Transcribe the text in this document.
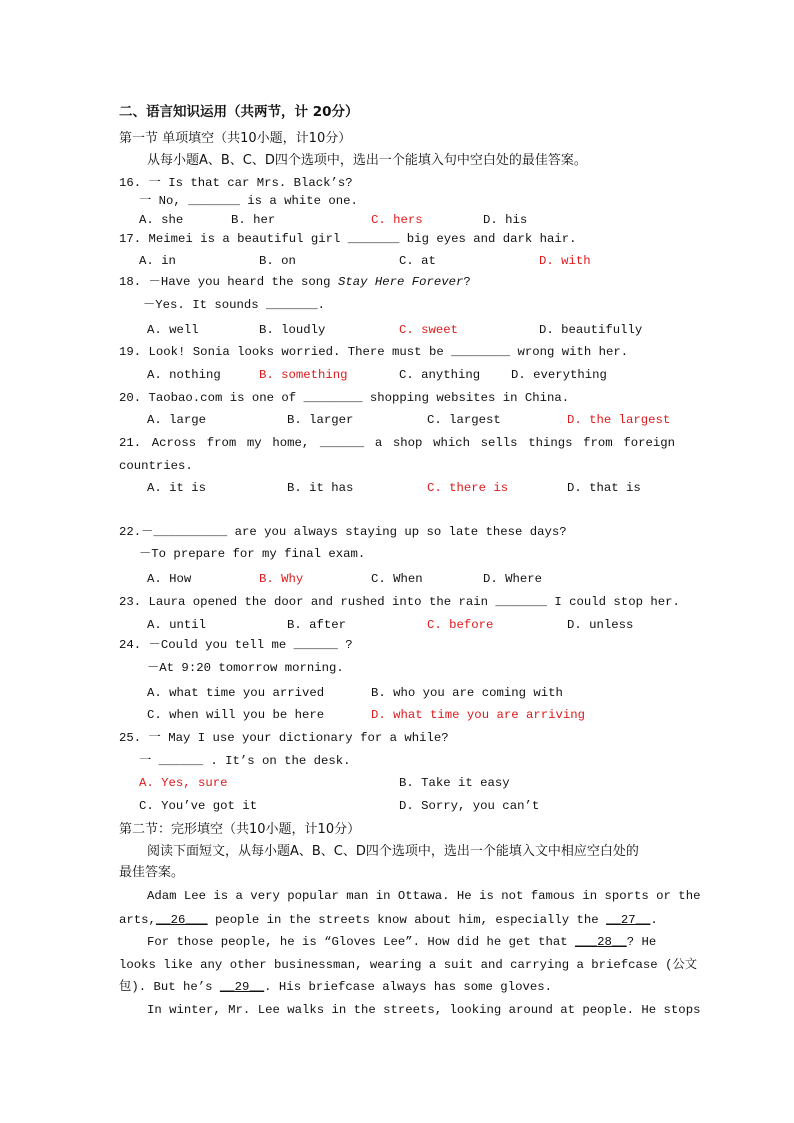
二、语言知识运用（共两节，计 20分）
第一节 单项填空（共10小题，计10分）
从每小题A、B、C、D四个选项中，选出一个能填入句中空白处的最佳答案。
16. 一 Is that car Mrs. Black’s?
一 No, _______ is a white one.
A. she	B. her	C. hers	D. his
17. Meimei is a beautiful girl _______ big eyes and dark hair.
A. in	B. on	C. at	D. with
18. －Have you heard the song Stay Here Forever?
－Yes. It sounds _______.
A. well	B. loudly	C. sweet	D. beautifully
19. Look! Sonia looks worried. There must be ________ wrong with her.
A. nothing	B. something	C. anything	D. everything
20. Taobao.com is one of ________ shopping websites in China.
A. large	B. larger	C. largest	D. the largest
21. Across from my home, ______ a shop which sells things from foreign
countries.
A. it is	B. it has	C. there is	D. that is
22.－__________ are you always staying up so late these days?
－To prepare for my final exam.
A. How	B. Why	C. When	D. Where
23. Laura opened the door and rushed into the rain _______ I could stop her.
A. until	B. after	C. before	D. unless
24. －Could you tell me ______ ?
－At 9:20 tomorrow morning.
A. what time you arrived	B. who you are coming with
C. when will you be here	D. what time you are arriving
25. 一 May I use your dictionary for a while?
一 ______ . It’s on the desk.
A. Yes, sure	B. Take it easy
C. You’ve got it	D. Sorry, you can’t
第二节：完形填空（共10小题，计10分）
阅读下面短文，从每小题A、B、C、D四个选项中，选出一个能填入文中相应空白处的
最佳答案。
Adam Lee is a very popular man in Ottawa. He is not famous in sports or the
arts,__26___ people in the streets know about him, especially the __27__.
For those people, he is “Gloves Lee”. How did he get that ___28__? He
looks like any other businessman, wearing a suit and carrying a briefcase (公文
包). But he’s __29__. His briefcase always has some gloves.
In winter, Mr. Lee walks in the streets, looking around at people. He stops
